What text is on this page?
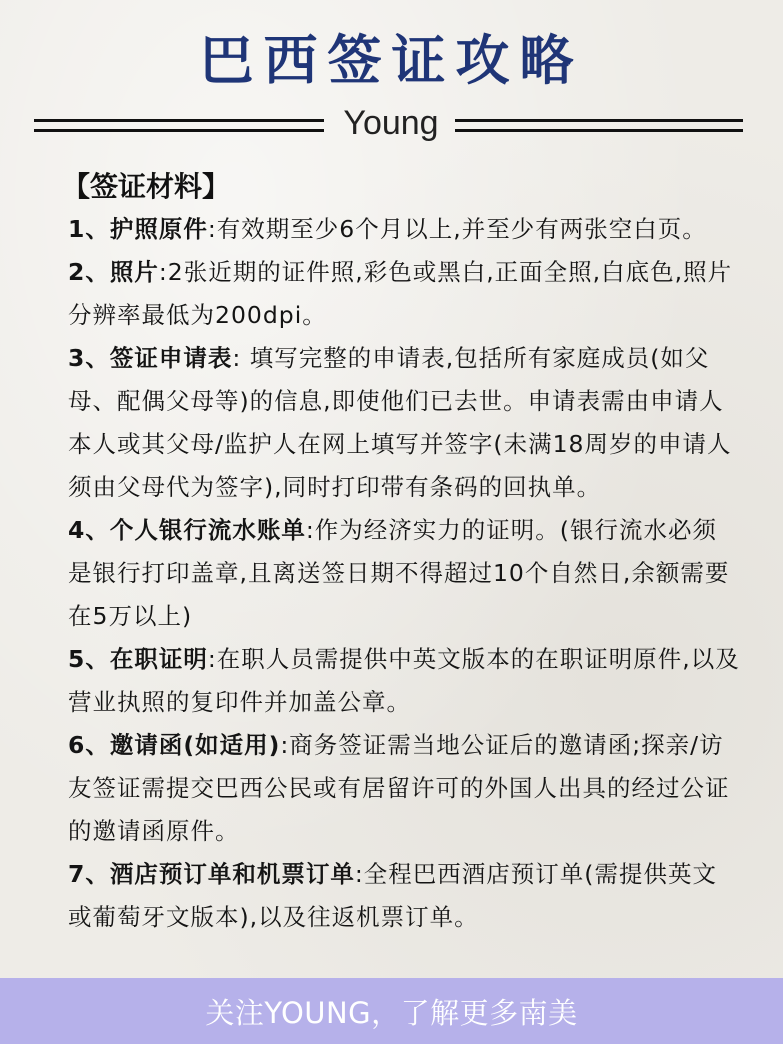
巴西签证攻略
Young
【签证材料】

1、护照原件:有效期至少6个月以上,并至少有两张空白页。

2、照片:2张近期的证件照,彩色或黑白,正面全照,白底色,照片分辨率最低为200dpi。

3、签证申请表: 填写完整的申请表,包括所有家庭成员(如父母、配偶父母等)的信息,即使他们已去世。申请表需由申请人本人或其父母/监护人在网上填写并签字(未满18周岁的申请人须由父母代为签字),同时打印带有条码的回执单。

4、个人银行流水账单:作为经济实力的证明。(银行流水必须是银行打印盖章,且离送签日期不得超过10个自然日,余额需要在5万以上)

5、在职证明:在职人员需提供中英文版本的在职证明原件,以及营业执照的复印件并加盖公章。

6、邀请函(如适用):商务签证需当地公证后的邀请函;探亲/访友签证需提交巴西公民或有居留许可的外国人出具的经过公证的邀请函原件。

7、酒店预订单和机票订单:全程巴西酒店预订单(需提供英文或葡萄牙文版本),以及往返机票订单。

关注YOUNG，了解更多南美
